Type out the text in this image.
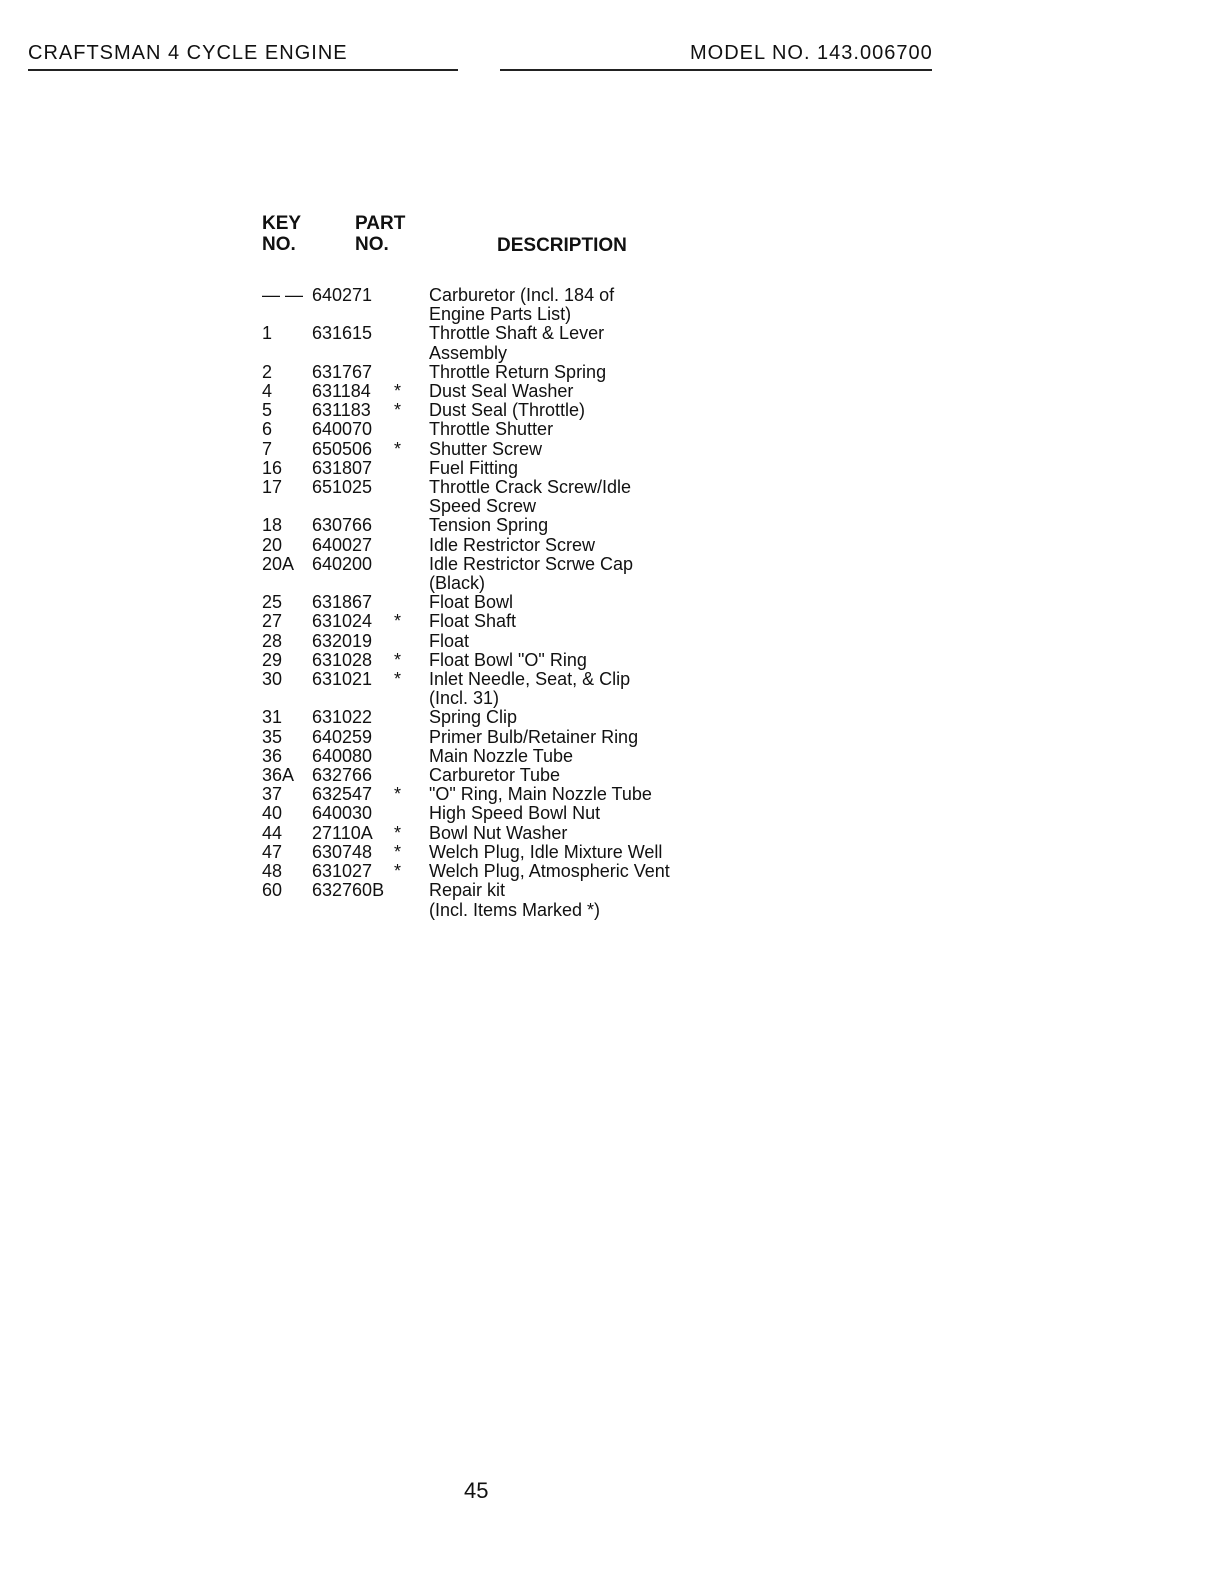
CRAFTSMAN 4 CYCLE ENGINE	MODEL NO. 143.006700
KEY
NO.
PART
NO.	DESCRIPTION
— — 640271	Carburetor (Incl. 184 of
Engine Parts List)
1	631615	Throttle Shaft & Lever
Assembly
2	631767	Throttle Return Spring
4	631184	*	Dust Seal Washer
5	631183	*	Dust Seal (Throttle)
6	640070	Throttle Shutter
7	650506	*	Shutter Screw
16	631807	Fuel Fitting
17	651025	Throttle Crack Screw/Idle
Speed Screw
18	630766	Tension Spring
20	640027	Idle Restrictor Screw
20A 640200	Idle Restrictor Scrwe Cap
(Black)
25	631867	Float Bowl
27	631024	*	Float Shaft
28	632019	Float
29	631028	*	Float Bowl "O" Ring
30	631021	*	Inlet Needle, Seat, & Clip
(Incl. 31)
31	631022	Spring Clip
35	640259	Primer Bulb/Retainer Ring
36	640080	Main Nozzle Tube
36A 632766	Carburetor Tube
37	632547	*	"O" Ring, Main Nozzle Tube
40	640030	High Speed Bowl Nut
44	27110A	*	Bowl Nut Washer
47	630748	*	Welch Plug, Idle Mixture Well
48	631027	*	Welch Plug, Atmospheric Vent
60	632760B	Repair kit
(Incl. Items Marked *)
45
